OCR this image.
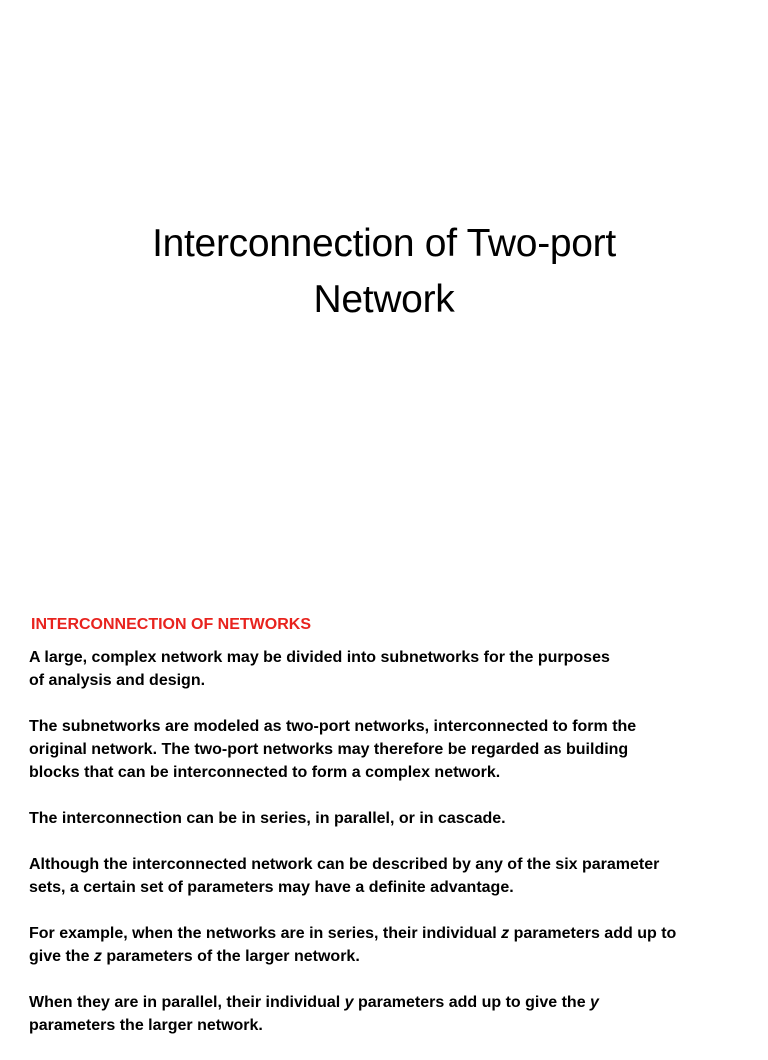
Interconnection of Two-port
Network
INTERCONNECTION OF NETWORKS

A large, complex network may be divided into subnetworks for the purposes
of analysis and design.

The subnetworks are modeled as two-port networks, interconnected to form the
original network. The two-port networks may therefore be regarded as building
blocks that can be interconnected to form a complex network.

The interconnection can be in series, in parallel, or in cascade.

Although the interconnected network can be described by any of the six parameter
sets, a certain set of parameters may have a definite advantage.

For example, when the networks are in series, their individual z parameters add up to
give the z parameters of the larger network.

When they are in parallel, their individual y parameters add up to give the y
parameters the larger network.
